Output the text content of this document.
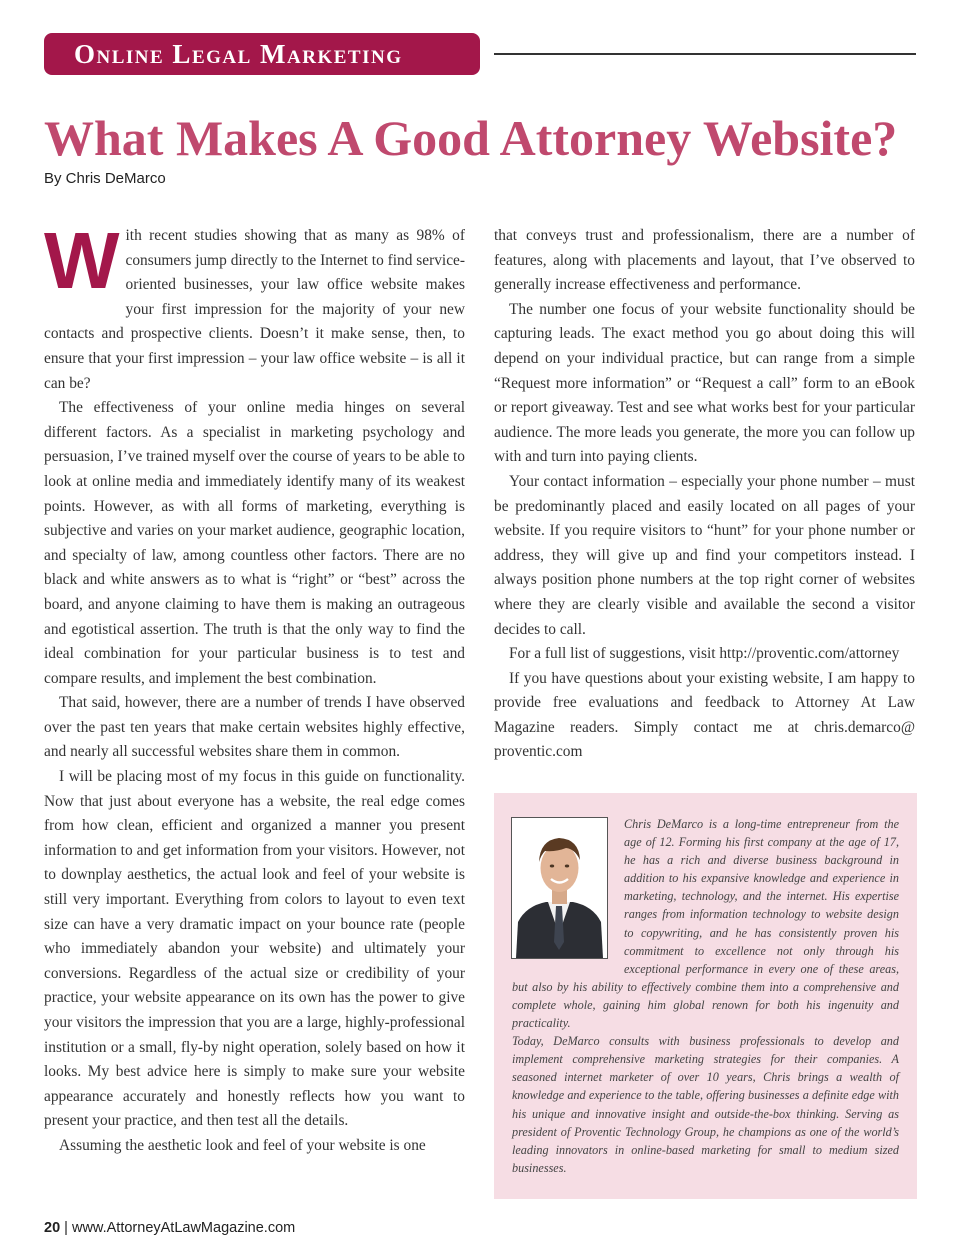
Online Legal Marketing
What Makes A Good Attorney Website?
By Chris DeMarco

With recent studies showing that as many as 98% of consumers jump directly to the Internet to find service-oriented businesses, your law office website makes your first impression for the majority of your new contacts and prospective clients. Doesn’t it make sense, then, to ensure that your first impression – your law office website – is all it can be?

The effectiveness of your online media hinges on several different factors. As a specialist in marketing psychology and persuasion, I’ve trained myself over the course of years to be able to look at online media and immediately identify many of its weakest points. However, as with all forms of marketing, everything is subjective and varies on your market audience, geographic location, and specialty of law, among countless other factors. There are no black and white answers as to what is “right” or “best” across the board, and anyone claiming to have them is making an outrageous and egotistical assertion. The truth is that the only way to find the ideal combination for your particular business is to test and compare results, and implement the best combination.

That said, however, there are a number of trends I have observed over the past ten years that make certain websites highly effective, and nearly all successful websites share them in common.

I will be placing most of my focus in this guide on functionality. Now that just about everyone has a website, the real edge comes from how clean, efficient and organized a manner you present information to and get information from your visitors. However, not to downplay aesthetics, the actual look and feel of your website is still very important. Everything from colors to layout to even text size can have a very dramatic impact on your bounce rate (people who immediately abandon your website) and ultimately your conversions. Regardless of the actual size or credibility of your practice, your website appearance on its own has the power to give your visitors the impression that you are a large, highly-professional institution or a small, fly-by night operation, solely based on how it looks. My best advice here is simply to make sure your website appearance accurately and honestly reflects how you want to present your practice, and then test all the details.

Assuming the aesthetic look and feel of your website is one

that conveys trust and professionalism, there are a number of features, along with placements and layout, that I’ve observed to generally increase effectiveness and performance.

The number one focus of your website functionality should be capturing leads. The exact method you go about doing this will depend on your individual practice, but can range from a simple “Request more information” or “Request a call” form to an eBook or report giveaway. Test and see what works best for your particular audience. The more leads you generate, the more you can follow up with and turn into paying clients.

Your contact information – especially your phone number – must be predominantly placed and easily located on all pages of your website. If you require visitors to “hunt” for your phone number or address, they will give up and find your competitors instead. I always position phone numbers at the top right corner of websites where they are clearly visible and available the second a visitor decides to call.

For a full list of suggestions, visit http://proventic.com/attorney

If you have questions about your existing website, I am happy to provide free evaluations and feedback to Attorney At Law Magazine readers. Simply contact me at chris.demarco@ proventic.com

Chris DeMarco is a long-time entrepreneur from the age of 12. Forming his first company at the age of 17, he has a rich and diverse business background in addition to his expansive knowledge and experience in marketing, technology, and the internet. His expertise ranges from information technology to website design to copywriting, and he has consistently proven his commitment to excellence not only through his exceptional performance in every one of these areas, but also by his ability to effectively combine them into a comprehensive and complete whole, gaining him global renown for both his ingenuity and practicality.

Today, DeMarco consults with business professionals to develop and implement comprehensive marketing strategies for their companies. A seasoned internet marketer of over 10 years, Chris brings a wealth of knowledge and experience to the table, offering businesses a definite edge with his unique and innovative insight and outside-the-box thinking. Serving as president of Proventic Technology Group, he champions as one of the world’s leading innovators in online-based marketing for small to medium sized businesses.

20 | www.AttorneyAtLawMagazine.com
